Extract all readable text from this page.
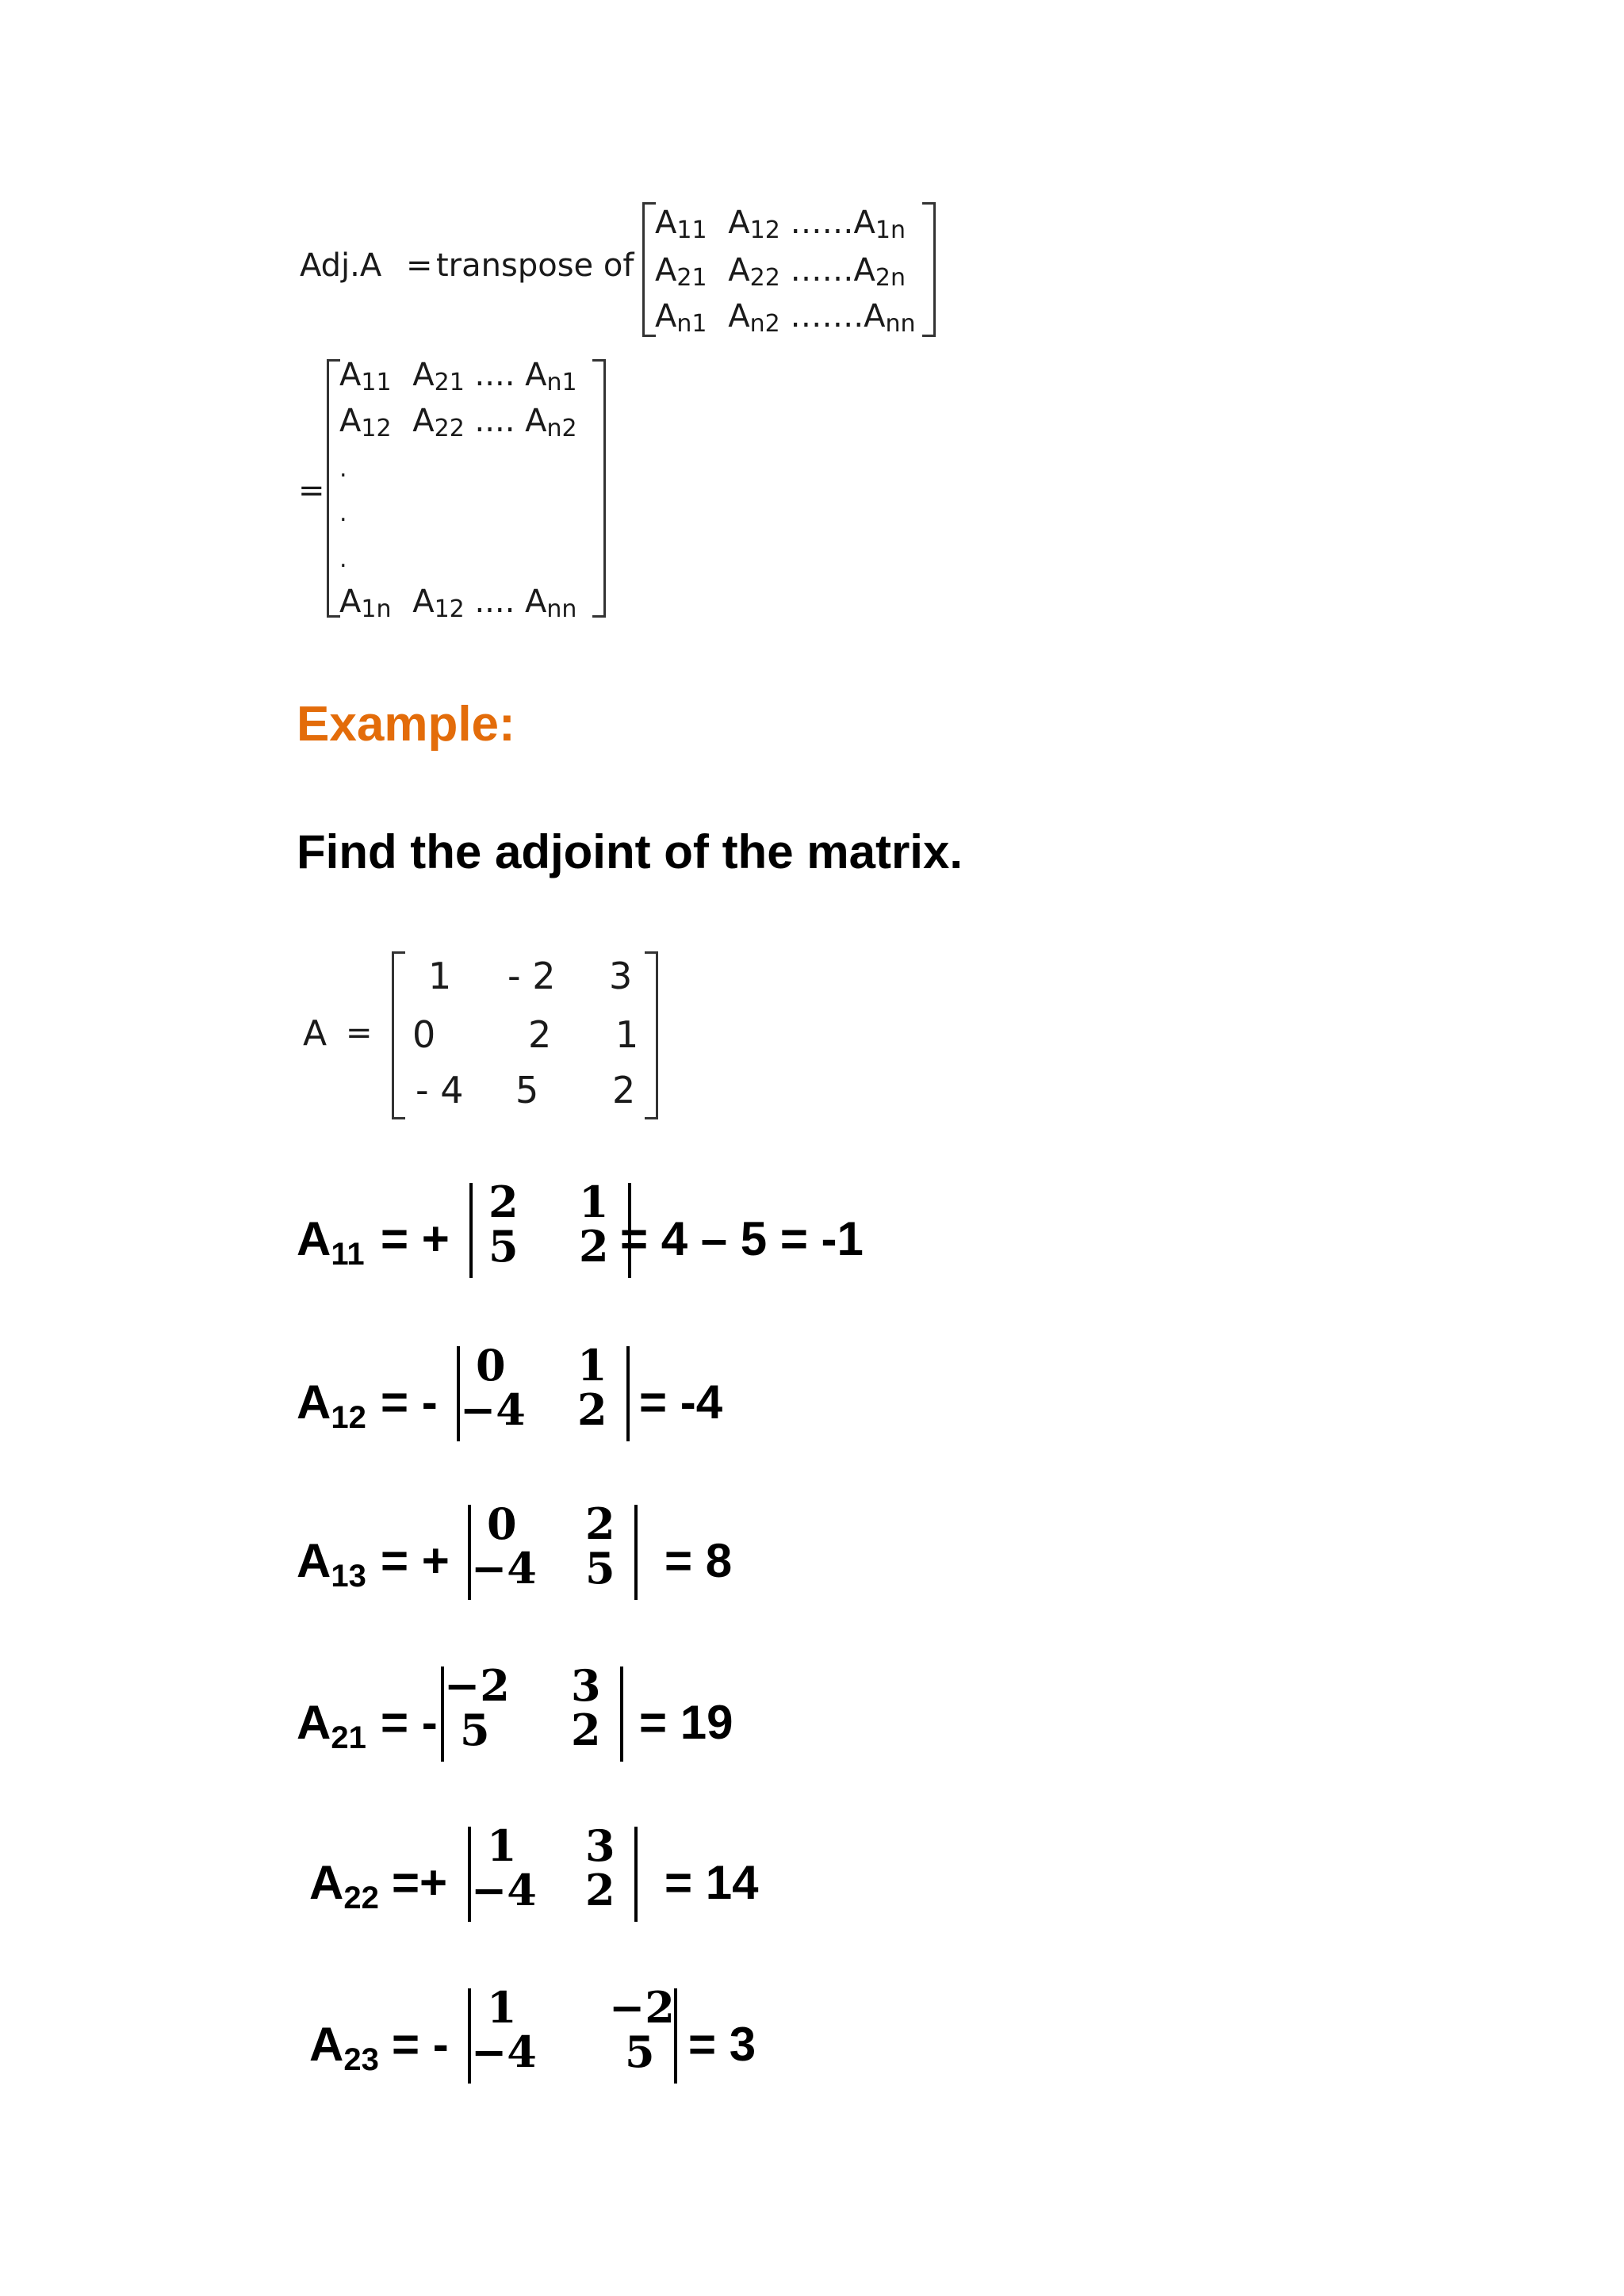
Adj.A = transpose of
$A_{11}$ $A_{12}$ $\dots\dots A_{1n}$
$A_{21}$ $A_{22}$ $\dots\dots A_{2n}$
$A_{n1}$ $A_{n2}$ $\dots\dots.A_{nn}$
=
$A_{11}$ $A_{21}$ .... $A_{n1}$
$A_{12}$ $A_{22}$ .... $A_{n2}$
$A_{1n}$ $A_{12}$ .... $A_{nn}$
.
.
.
Example:
Find the adjoint of the matrix.
A =
1 - 2 3
0	2 1
- 4 5 2
$A_{11}$ = +
2 1
5 2 = 4 – 5 = -1
$A_{12}$ = -
0 1
−4 2 = -4
$A_{13}$ = +
0 2
−4 5 = 8
$A_{21}$ = -
−2 3
5 2 = 19
$A_{22}$ =+
1 3
−4 2 = 14
$A_{23}$ = -
1 −2
−4 5 = 3
